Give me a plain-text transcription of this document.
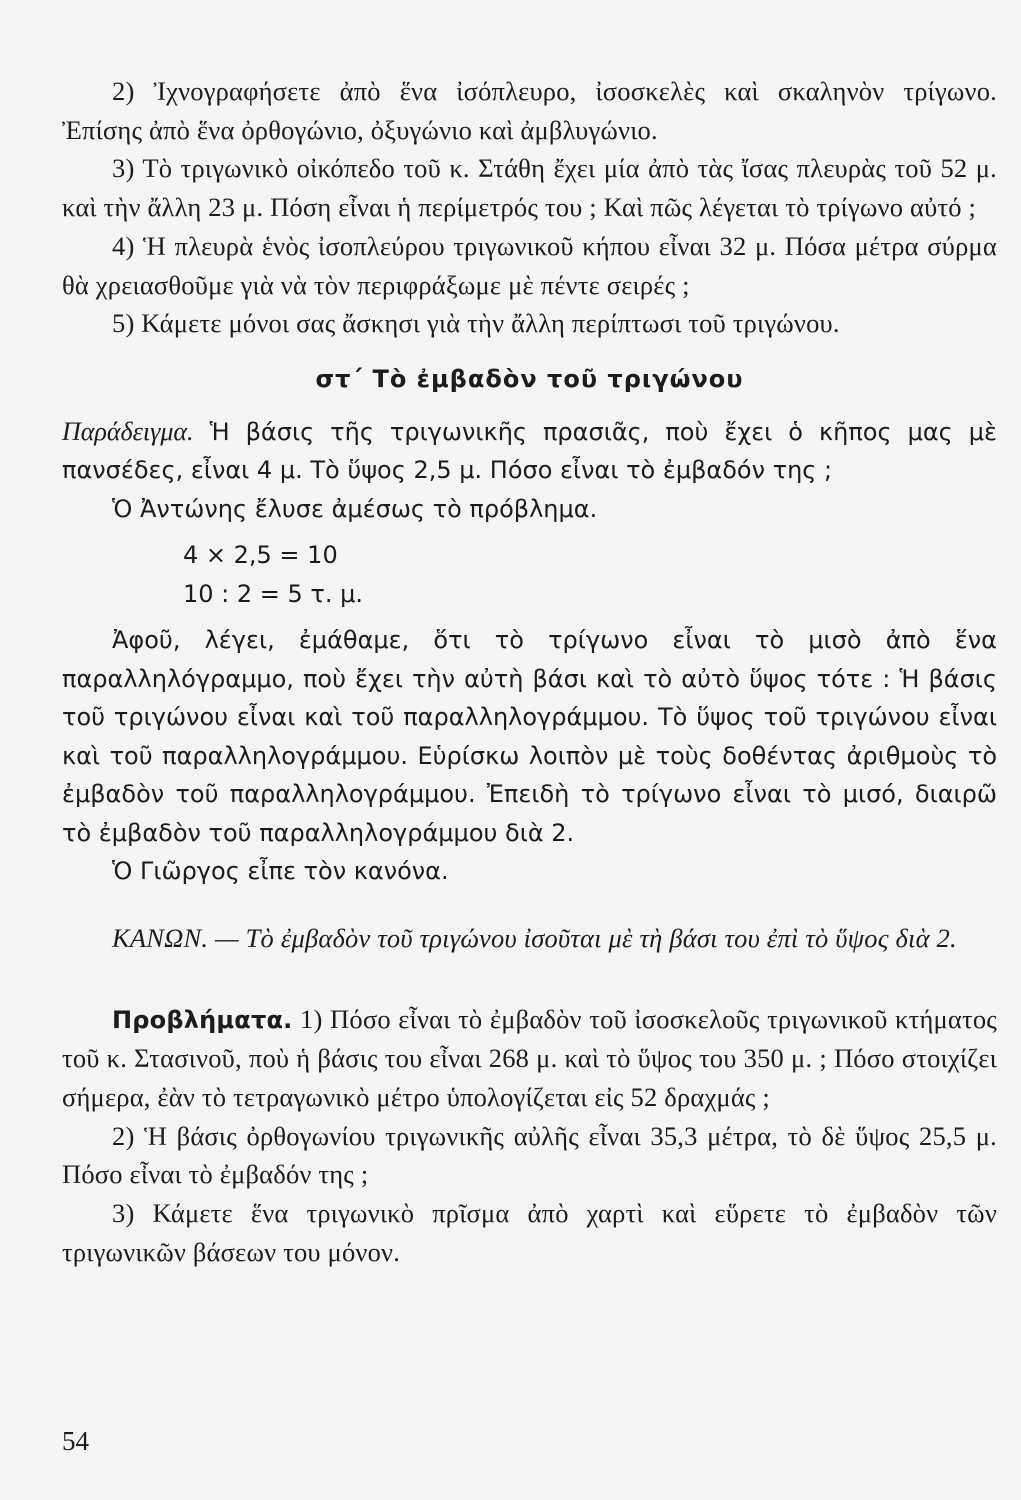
2) Ἰχνογραφήσετε ἀπὸ ἕνα ἰσόπλευρο, ἰσοσκελὲς καὶ σκαληνὸν τρίγωνο.

Ἐπίσης ἀπὸ ἕνα ὀρθογώνιο, ὀξυγώνιο καὶ ἀμβλυγώνιο.

3) Τὸ τριγωνικὸ οἰκόπεδο τοῦ κ. Στάθη ἔχει μία ἀπὸ τὰς ἴσας πλευρὰς τοῦ 52 μ. καὶ τὴν ἄλλη 23 μ. Πόση εἶναι ἡ περίμετρός του ; Καὶ πῶς λέγεται τὸ τρίγωνο αὐτό ;

4) Ἡ πλευρὰ ἑνὸς ἰσοπλεύρου τριγωνικοῦ κήπου εἶναι 32 μ. Πόσα μέτρα σύρμα θὰ χρειασθοῦμε γιὰ νὰ τὸν περιφράξωμε μὲ πέντε σειρές ;

5) Κάμετε μόνοι σας ἄσκησι γιὰ τὴν ἄλλη περίπτωσι τοῦ τριγώνου.

στ΄ Τὸ ἐμβαδὸν τοῦ τριγώνου

Παράδειγμα. Ἡ βάσις τῆς τριγωνικῆς πρασιᾶς, ποὺ ἔχει ὁ κῆπος μας μὲ πανσέδες, εἶναι 4 μ. Τὸ ὕψος 2,5 μ. Πόσο εἶναι τὸ ἐμβαδόν της ;

Ὁ Ἀντώνης ἔλυσε ἀμέσως τὸ πρόβλημα.

4 × 2,5 = 10

10 : 2 = 5 τ. μ.

Ἀφοῦ, λέγει, ἐμάθαμε, ὅτι τὸ τρίγωνο εἶναι τὸ μισὸ ἀπὸ ἕνα παραλληλόγραμμο, ποὺ ἔχει τὴν αὐτὴ βάσι καὶ τὸ αὐτὸ ὕψος τότε : Ἡ βάσις τοῦ τριγώνου εἶναι καὶ τοῦ παραλληλογράμμου. Τὸ ὕψος τοῦ τριγώνου εἶναι καὶ τοῦ παραλληλογράμμου. Εὑρίσκω λοιπὸν μὲ τοὺς δοθέντας ἀριθμοὺς τὸ ἐμβαδὸν τοῦ παραλληλογράμμου. Ἐπειδὴ τὸ τρίγωνο εἶναι τὸ μισό, διαιρῶ τὸ ἐμβαδὸν τοῦ παραλληλογράμμου διὰ 2.

Ὁ Γιῶργος εἶπε τὸν κανόνα.

ΚΑΝΩΝ. — Τὸ ἐμβαδὸν τοῦ τριγώνου ἰσοῦται μὲ τὴ βάσι του ἐπὶ τὸ ὕψος διὰ 2.

Προβλήματα. 1) Πόσο εἶναι τὸ ἐμβαδὸν τοῦ ἰσοσκελοῦς τριγωνικοῦ κτήματος τοῦ κ. Στασινοῦ, ποὺ ἡ βάσις του εἶναι 268 μ. καὶ τὸ ὕψος του 350 μ. ; Πόσο στοιχίζει σήμερα, ἐὰν τὸ τετραγωνικὸ μέτρο ὑπολογίζεται εἰς 52 δραχμάς ;

2) Ἡ βάσις ὀρθογωνίου τριγωνικῆς αὐλῆς εἶναι 35,3 μέτρα, τὸ δὲ ὕψος 25,5 μ. Πόσο εἶναι τὸ ἐμβαδόν της ;

3) Κάμετε ἕνα τριγωνικὸ πρῖσμα ἀπὸ χαρτὶ καὶ εὕρετε τὸ ἐμβαδὸν τῶν τριγωνικῶν βάσεων του μόνον.

54
